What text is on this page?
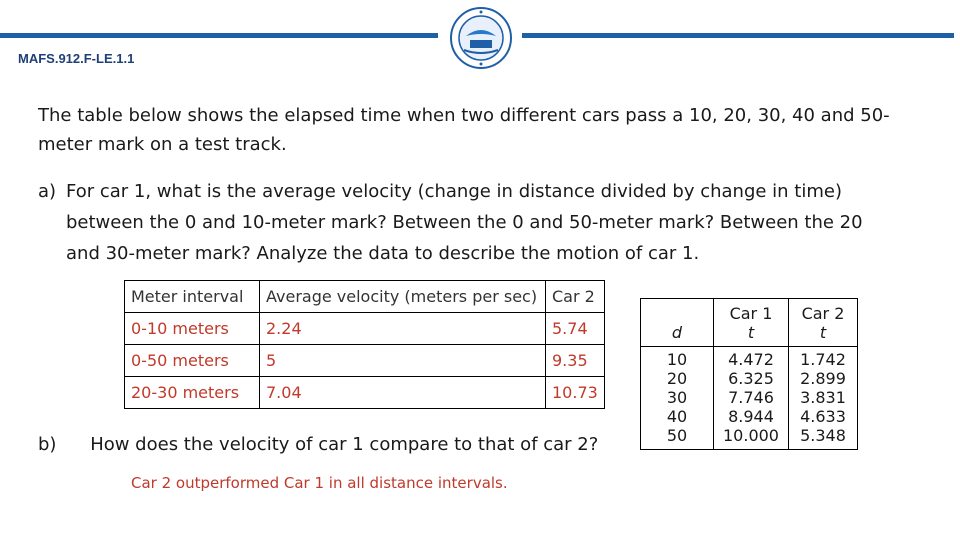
MAFS.912.F-LE.1.1
The table below shows the elapsed time when two different cars pass a 10, 20, 30, 40 and 50-meter mark on a test track.
a) For car 1, what is the average velocity (change in distance divided by change in time) between the 0 and 10-meter mark? Between the 0 and 50-meter mark? Between the 20 and 30-meter mark? Analyze the data to describe the motion of car 1.
Meter interval	Average velocity (meters per sec)	Car 2
0-10 meters	2.24	5.74
0-50 meters	5	9.35
20-30 meters	7.04	10.73
b) How does the velocity of car 1 compare to that of car 2?
Car 2 outperformed Car 1 in all distance intervals.
	Car 1	Car 2
d	t	t
10	4.472	1.742
20	6.325	2.899
30	7.746	3.831
40	8.944	4.633
50	10.000	5.348
